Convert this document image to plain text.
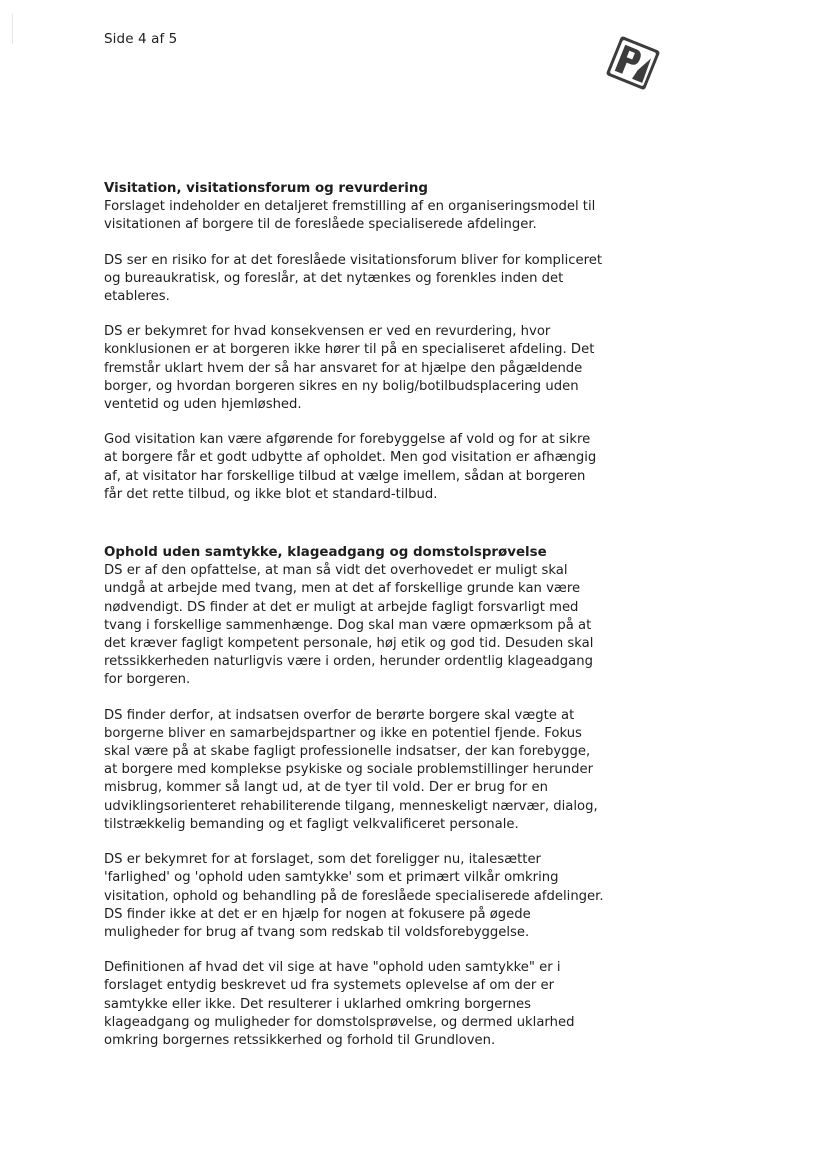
Side 4 af 5

Visitation, visitationsforum og revurdering

Forslaget indeholder en detaljeret fremstilling af en organiseringsmodel til
visitationen af borgere til de foreslåede specialiserede afdelinger.

DS ser en risiko for at det foreslåede visitationsforum bliver for kompliceret
og bureaukratisk, og foreslår, at det nytænkes og forenkles inden det
etableres.

DS er bekymret for hvad konsekvensen er ved en revurdering, hvor
konklusionen er at borgeren ikke hører til på en specialiseret afdeling. Det
fremstår uklart hvem der så har ansvaret for at hjælpe den pågældende
borger, og hvordan borgeren sikres en ny bolig/botilbudsplacering uden
ventetid og uden hjemløshed.

God visitation kan være afgørende for forebyggelse af vold og for at sikre
at borgere får et godt udbytte af opholdet. Men god visitation er afhængig
af, at visitator har forskellige tilbud at vælge imellem, sådan at borgeren
får det rette tilbud, og ikke blot et standard-tilbud.

Ophold uden samtykke, klageadgang og domstolsprøvelse

DS er af den opfattelse, at man så vidt det overhovedet er muligt skal
undgå at arbejde med tvang, men at det af forskellige grunde kan være
nødvendigt. DS finder at det er muligt at arbejde fagligt forsvarligt med
tvang i forskellige sammenhænge. Dog skal man være opmærksom på at
det kræver fagligt kompetent personale, høj etik og god tid. Desuden skal
retssikkerheden naturligvis være i orden, herunder ordentlig klageadgang
for borgeren.

DS finder derfor, at indsatsen overfor de berørte borgere skal vægte at
borgerne bliver en samarbejdspartner og ikke en potentiel fjende. Fokus
skal være på at skabe fagligt professionelle indsatser, der kan forebygge,
at borgere med komplekse psykiske og sociale problemstillinger herunder
misbrug, kommer så langt ud, at de tyer til vold. Der er brug for en
udviklingsorienteret rehabiliterende tilgang, menneskeligt nærvær, dialog,
tilstrækkelig bemanding og et fagligt velkvalificeret personale.

DS er bekymret for at forslaget, som det foreligger nu, italesætter
'farlighed' og 'ophold uden samtykke' som et primært vilkår omkring
visitation, ophold og behandling på de foreslåede specialiserede afdelinger.
DS finder ikke at det er en hjælp for nogen at fokusere på øgede
muligheder for brug af tvang som redskab til voldsforebyggelse.

Definitionen af hvad det vil sige at have "ophold uden samtykke" er i
forslaget entydig beskrevet ud fra systemets oplevelse af om der er
samtykke eller ikke. Det resulterer i uklarhed omkring borgernes
klageadgang og muligheder for domstolsprøvelse, og dermed uklarhed
omkring borgernes retssikkerhed og forhold til Grundloven.
